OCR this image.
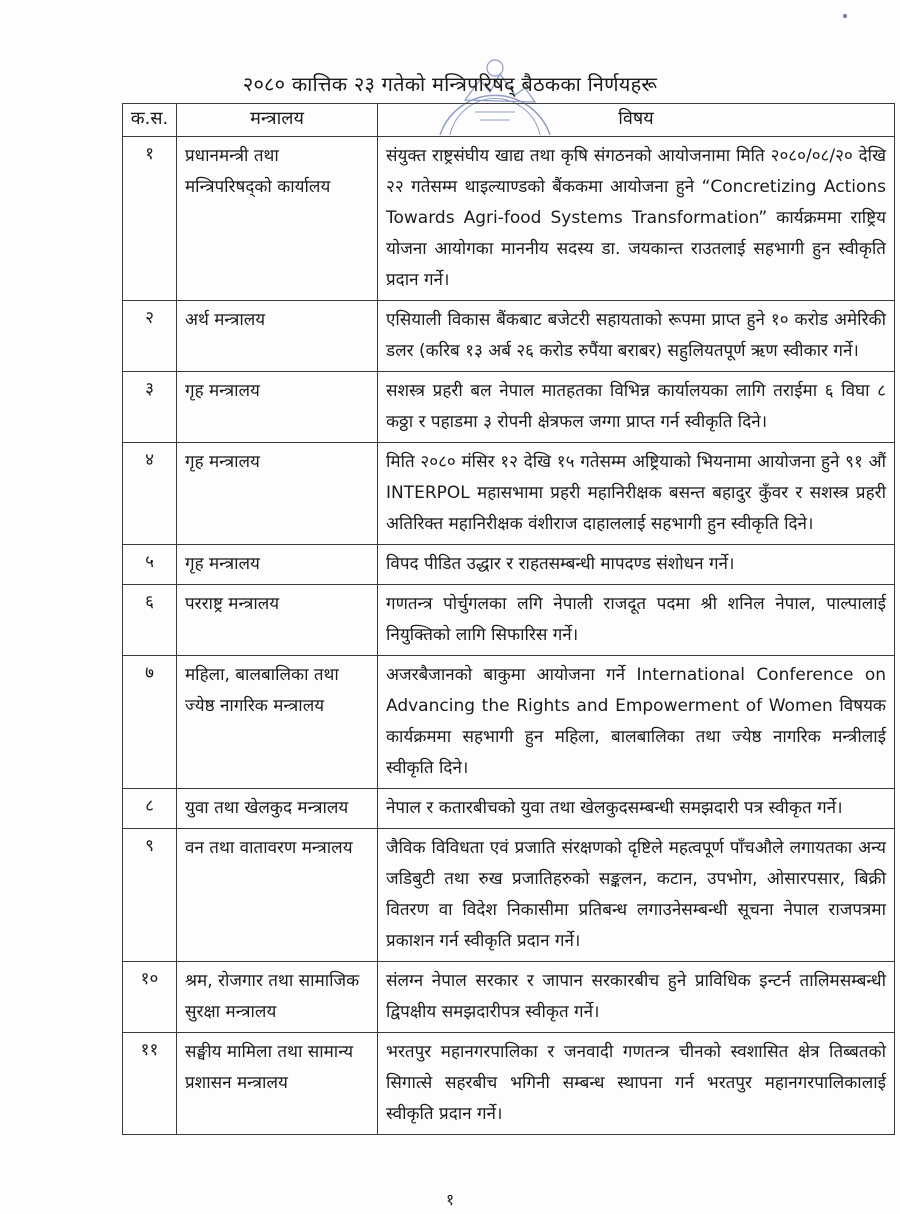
२०८० कात्तिक २३ गतेको मन्त्रिपरिषद् बैठकका निर्णयहरू
क.स.	मन्त्रालय	विषय
१	प्रधानमन्त्री तथा मन्त्रिपरिषद्को कार्यालय	संयुक्त राष्ट्रसंघीय खाद्य तथा कृषि संगठनको आयोजनामा मिति २०८०/०८/२० देखि २२ गतेसम्म थाइल्याण्डको बैंककमा आयोजना हुने “Concretizing Actions Towards Agri-food Systems Transformation” कार्यक्रममा राष्ट्रिय योजना आयोगका माननीय सदस्य डा. जयकान्त राउतलाई सहभागी हुन स्वीकृति प्रदान गर्ने।
२	अर्थ मन्त्रालय	एसियाली विकास बैंकबाट बजेटरी सहायताको रूपमा प्राप्त हुने १० करोड अमेरिकी डलर (करिब १३ अर्ब २६ करोड रुपैंया बराबर) सहुलियतपूर्ण ऋण स्वीकार गर्ने।
३	गृह मन्त्रालय	सशस्त्र प्रहरी बल नेपाल मातहतका विभिन्न कार्यालयका लागि तराईमा ६ विघा ८ कठ्ठा र पहाडमा ३ रोपनी क्षेत्रफल जग्गा प्राप्त गर्न स्वीकृति दिने।
४	गृह मन्त्रालय	मिति २०८० मंसिर १२ देखि १५ गतेसम्म अष्ट्रियाको भियनामा आयोजना हुने ९१ औं INTERPOL महासभामा प्रहरी महानिरीक्षक बसन्त बहादुर कुँवर र सशस्त्र प्रहरी अतिरिक्त महानिरीक्षक वंशीराज दाहाललाई सहभागी हुन स्वीकृति दिने।
५	गृह मन्त्रालय	विपद पीडित उद्धार र राहतसम्बन्धी मापदण्ड संशोधन गर्ने।
६	परराष्ट्र मन्त्रालय	गणतन्त्र पोर्चुगलका लगि नेपाली राजदूत पदमा श्री शनिल नेपाल, पाल्पालाई नियुक्तिको लागि सिफारिस गर्ने।
७	महिला, बालबालिका तथा ज्येष्ठ नागरिक मन्त्रालय	अजरबैजानको बाकुमा आयोजना गर्ने International Conference on Advancing the Rights and Empowerment of Women विषयक कार्यक्रममा सहभागी हुन महिला, बालबालिका तथा ज्येष्ठ नागरिक मन्त्रीलाई स्वीकृति दिने।
८	युवा तथा खेलकुद मन्त्रालय	नेपाल र कतारबीचको युवा तथा खेलकुदसम्बन्धी समझदारी पत्र स्वीकृत गर्ने।
९	वन तथा वातावरण मन्त्रालय	जैविक विविधता एवं प्रजाति संरक्षणको दृष्टिले महत्वपूर्ण पाँचऔले लगायतका अन्य जडिबुटी तथा रुख प्रजातिहरुको सङ्कलन, कटान, उपभोग, ओसारपसार, बिक्री वितरण वा विदेश निकासीमा प्रतिबन्ध लगाउनेसम्बन्धी सूचना नेपाल राजपत्रमा प्रकाशन गर्न स्वीकृति प्रदान गर्ने।
१०	श्रम, रोजगार तथा सामाजिक सुरक्षा मन्त्रालय	संलग्न नेपाल सरकार र जापान सरकारबीच हुने प्राविधिक इन्टर्न तालिमसम्बन्धी द्विपक्षीय समझदारीपत्र स्वीकृत गर्ने।
११	सङ्घीय मामिला तथा सामान्य प्रशासन मन्त्रालय	भरतपुर महानगरपालिका र जनवादी गणतन्त्र चीनको स्वशासित क्षेत्र तिब्बतको सिगात्से सहरबीच भगिनी सम्बन्ध स्थापना गर्न भरतपुर महानगरपालिकालाई स्वीकृति प्रदान गर्ने।
१
